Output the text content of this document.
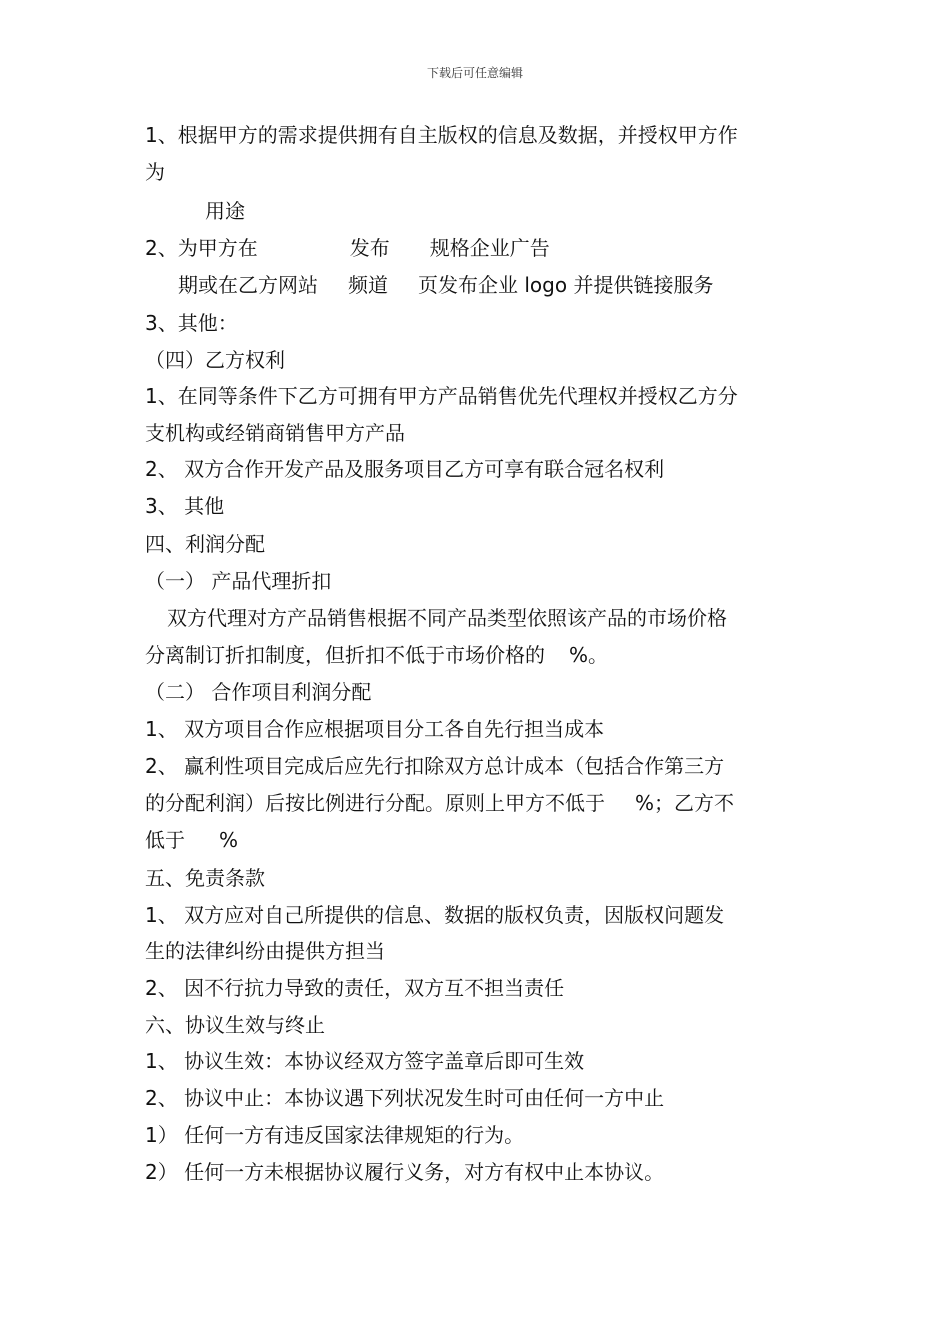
下载后可任意编辑
1、根据甲方的需求提供拥有自主版权的信息及数据，并授权甲方作
为
用途
2、为甲方在	发布 规格企业广告
期或在乙方网站 频道 页发布企业 logo 并提供链接服务
3、其他：
（四）乙方权利
1、在同等条件下乙方可拥有甲方产品销售优先代理权并授权乙方分
支机构或经销商销售甲方产品
2、 双方合作开发产品及服务项目乙方可享有联合冠名权利
3、 其他
四、利润分配
（一） 产品代理折扣
双方代理对方产品销售根据不同产品类型依照该产品的市场价格
分离制订折扣制度，但折扣不低于市场价格的 %。
（二） 合作项目利润分配
1、 双方项目合作应根据项目分工各自先行担当成本
2、 赢利性项目完成后应先行扣除双方总计成本（包括合作第三方
的分配利润）后按比例进行分配。原则上甲方不低于 %；乙方不
低于 %
五、免责条款
1、 双方应对自己所提供的信息、数据的版权负责，因版权问题发
生的法律纠纷由提供方担当
2、 因不行抗力导致的责任，双方互不担当责任
六、协议生效与终止
1、 协议生效：本协议经双方签字盖章后即可生效
2、 协议中止：本协议遇下列状况发生时可由任何一方中止
1） 任何一方有违反国家法律规矩的行为。
2） 任何一方未根据协议履行义务，对方有权中止本协议。
